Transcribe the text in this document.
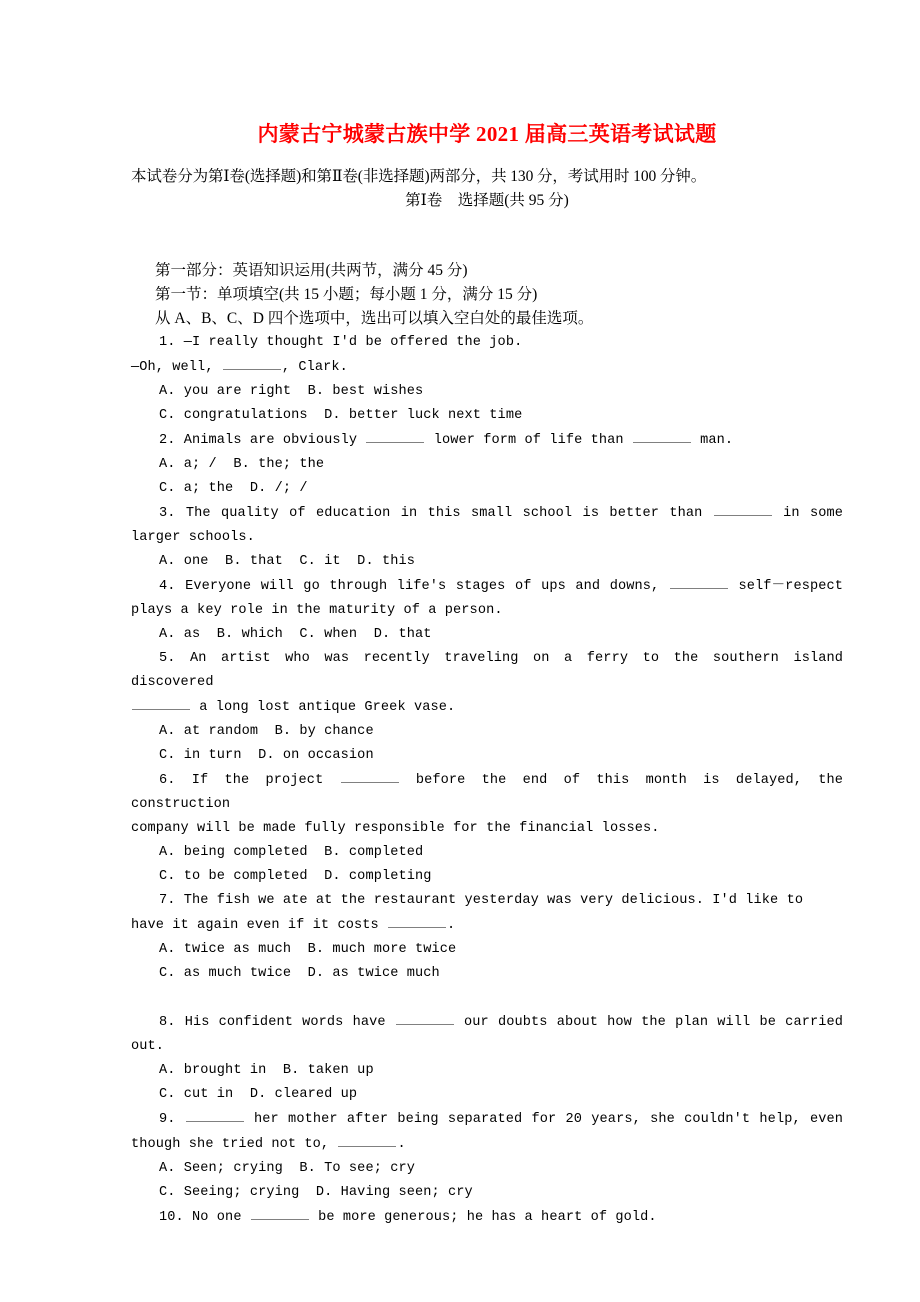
内蒙古宁城蒙古族中学 2021 届高三英语考试试题
本试卷分为第Ⅰ卷(选择题)和第Ⅱ卷(非选择题)两部分，共 130 分，考试用时 100 分钟。
第Ⅰ卷　选择题(共 95 分)
第一部分：英语知识运用(共两节，满分 45 分)
第一节：单项填空(共 15 小题；每小题 1 分，满分 15 分)
从 A、B、C、D 四个选项中，选出可以填入空白处的最佳选项。
1. —I really thought I'd be offered the job.
—Oh, well,	, Clark.
A. you are right  B. best wishes
C. congratulations  D. better luck next time
2. Animals are obviously	lower form of life than	man.
A. a; /  B. the; the
C. a; the  D. /; /
3. The quality of education in this small school is better than	in some
larger schools.
A. one  B. that  C. it  D. this
4. Everyone will go through life's stages of ups and downs,	self－respect
plays a key role in the maturity of a person.
A. as  B. which  C. when  D. that
5. An artist who was recently traveling on a ferry to the southern island discovered
a long lost antique Greek vase.
A. at random  B. by chance
C. in turn  D. on occasion
6. If the project	before the end of this month is delayed, the construction
company will be made fully responsible for the financial losses.
A. being completed  B. completed
C. to be completed  D. completing
7. The fish we ate at the restaurant yesterday was very delicious. I'd like to
have it again even if it costs	.
A. twice as much  B. much more twice
C. as much twice  D. as twice much
8. His confident words have	our doubts about how the plan will be carried
out.
A. brought in  B. taken up
C. cut in  D. cleared up
9.	her mother after being separated for 20 years, she couldn't help, even
though she tried not to,	.
A. Seen; crying  B. To see; cry
C. Seeing; crying  D. Having seen; cry
10. No one	be more generous; he has a heart of gold.
